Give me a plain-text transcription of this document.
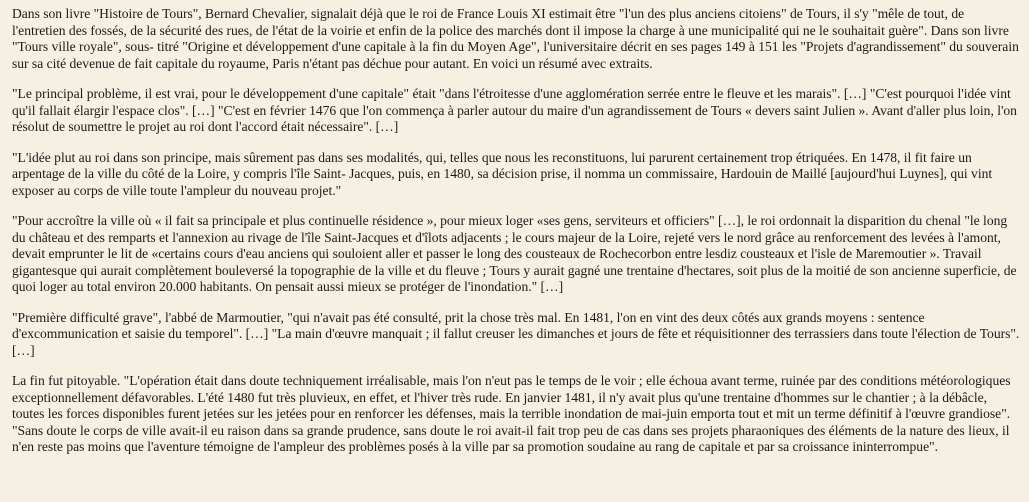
Dans son livre "Histoire de Tours", Bernard Chevalier, signalait déjà que le roi de France Louis XI estimait être "l'un des plus anciens citoiens" de Tours, il s'y "mêle de tout, de l'entretien des fossés, de la sécurité des rues, de l'état de la voirie et enfin de la police des marchés dont il impose la charge à une municipalité qui ne le souhaitait guère". Dans son livre "Tours ville royale", sous- titré "Origine et développement d'une capitale à la fin du Moyen Age", l'universitaire décrit en ses pages 149 à 151 les "Projets d'agrandissement" du souverain sur sa cité devenue de fait capitale du royaume, Paris n'étant pas déchue pour autant. En voici un résumé avec extraits.

"Le principal problème, il est vrai, pour le développement d'une capitale" était "dans l'étroitesse d'une agglomération serrée entre le fleuve et les marais". […] "C'est pourquoi l'idée vint qu'il fallait élargir l'espace clos". […] "C'est en février 1476 que l'on commença à parler autour du maire d'un agrandissement de Tours « devers saint Julien ». Avant d'aller plus loin, l'on résolut de soumettre le projet au roi dont l'accord était nécessaire". […]

"L'idée plut au roi dans son principe, mais sûrement pas dans ses modalités, qui, telles que nous les reconstituons, lui parurent certainement trop étriquées. En 1478, il fit faire un arpentage de la ville du côté de la Loire, y compris l'île Saint- Jacques, puis, en 1480, sa décision prise, il nomma un commissaire, Hardouin de Maillé [aujourd'hui Luynes], qui vint exposer au corps de ville toute l'ampleur du nouveau projet."

"Pour accroître la ville où « il fait sa principale et plus continuelle résidence », pour mieux loger «ses gens, serviteurs et officiers" […], le roi ordonnait la disparition du chenal "le long du château et des remparts et l'annexion au rivage de l'île Saint-Jacques et d'îlots adjacents ; le cours majeur de la Loire, rejeté vers le nord grâce au renforcement des levées à l'amont, devait emprunter le lit de «certains cours d'eau anciens qui souloient aller et passer le long des cousteaux de Rochecorbon entre lesdiz cousteaux et l'isle de Maremoutier ». Travail gigantesque qui aurait complètement bouleversé la topographie de la ville et du fleuve ; Tours y aurait gagné une trentaine d'hectares, soit plus de la moitié de son ancienne superficie, de quoi loger au total environ 20.000 habitants. On pensait aussi mieux se protéger de l'inondation." […]

"Première difficulté grave", l'abbé de Marmoutier, "qui n'avait pas été consulté, prit la chose très mal. En 1481, l'on en vint des deux côtés aux grands moyens : sentence d'excommunication et saisie du temporel". […] "La main d'œuvre manquait ; il fallut creuser les dimanches et jours de fête et réquisitionner des terrassiers dans toute l'élection de Tours". […]

La fin fut pitoyable. "L'opération était dans doute techniquement irréalisable, mais l'on n'eut pas le temps de le voir ; elle échoua avant terme, ruinée par des conditions météorologiques exceptionnellement défavorables. L'été 1480 fut très pluvieux, en effet, et l'hiver très rude. En janvier 1481, il n'y avait plus qu'une trentaine d'hommes sur le chantier ; à la débâcle, toutes les forces disponibles furent jetées sur les jetées pour en renforcer les défenses, mais la terrible inondation de mai-juin emporta tout et mit un terme définitif à l'œuvre grandiose". "Sans doute le corps de ville avait-il eu raison dans sa grande prudence, sans doute le roi avait-il fait trop peu de cas dans ses projets pharaoniques des éléments de la nature des lieux, il n'en reste pas moins que l'aventure témoigne de l'ampleur des problèmes posés à la ville par sa promotion soudaine au rang de capitale et par sa croissance ininterrompue".
